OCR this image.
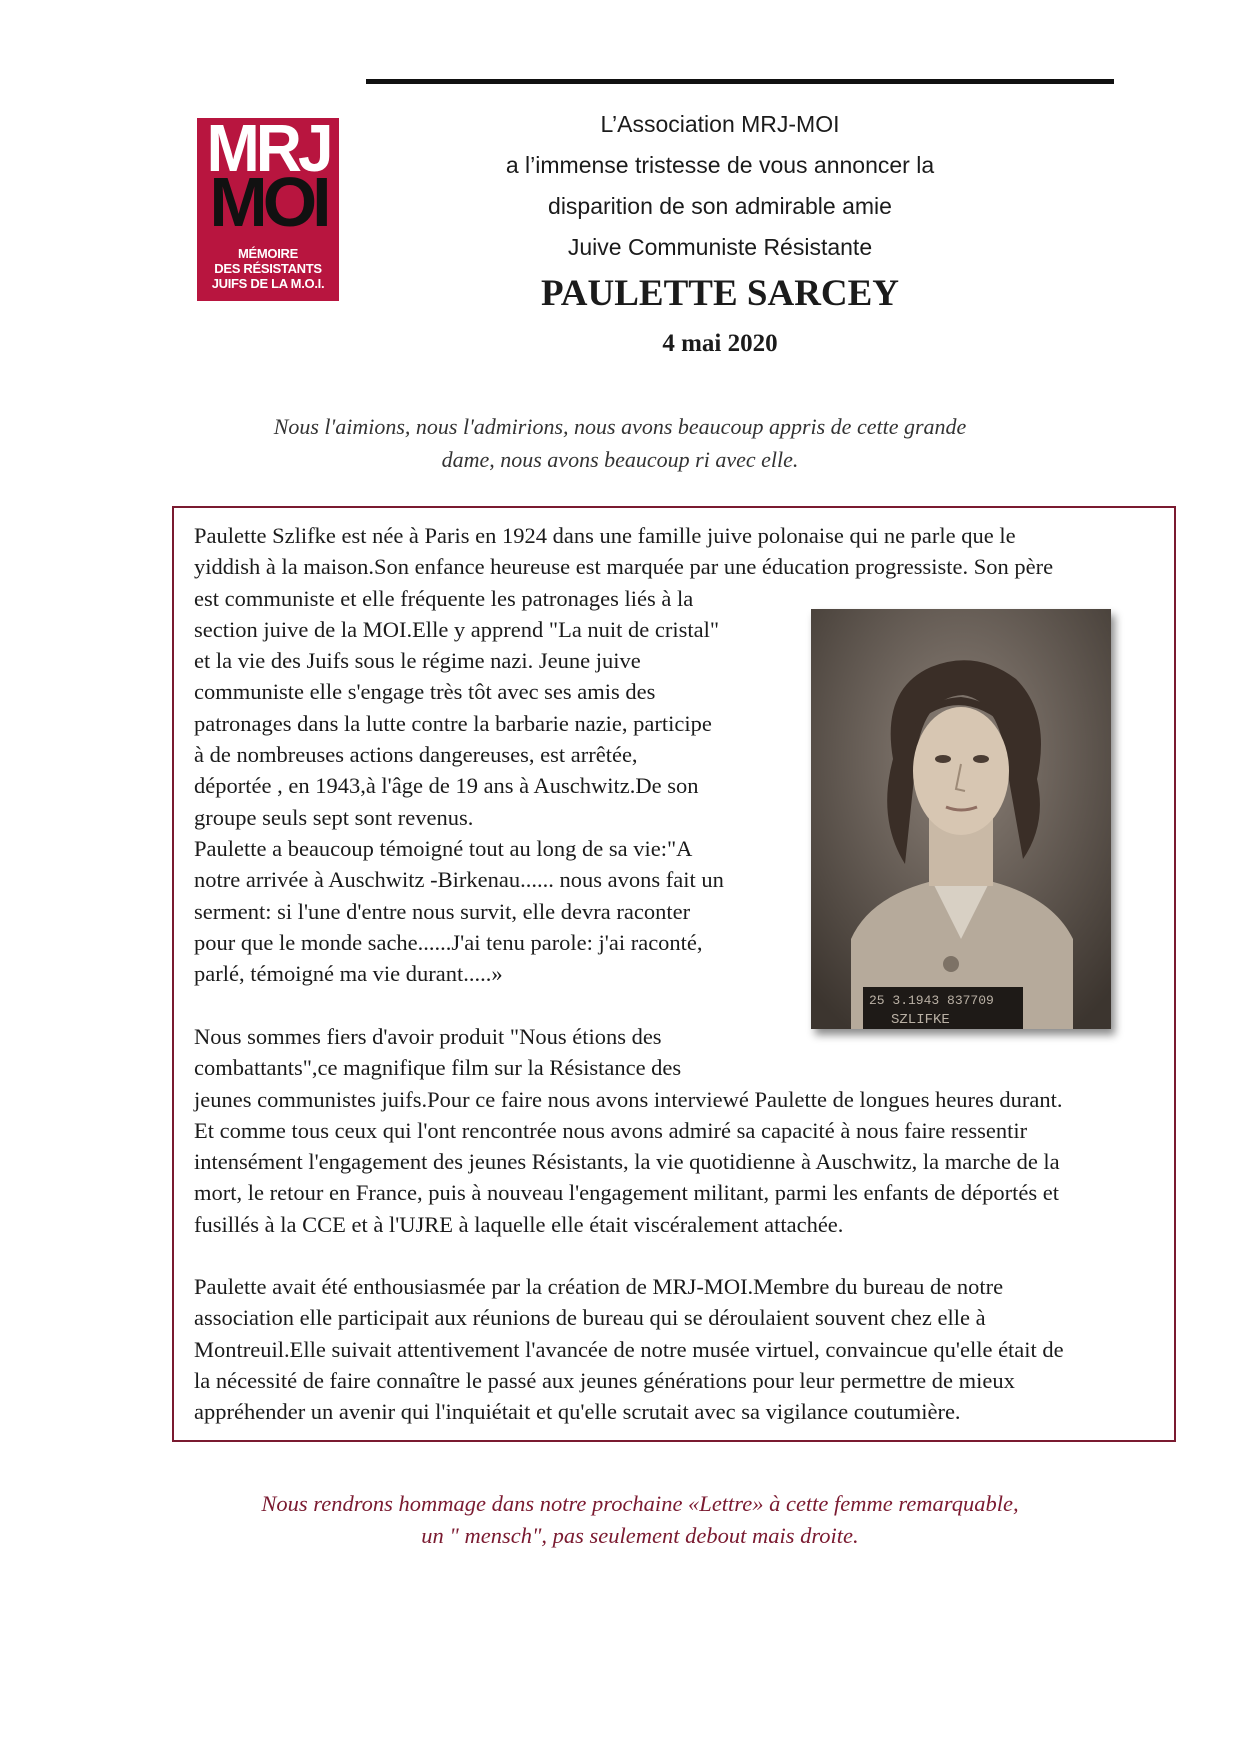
MRJ
MOI
MÉMOIRE
DES RÉSISTANTS
JUIFS DE LA M.O.I.
L’Association MRJ-MOI
a l’immense tristesse de vous annoncer la
disparition de son admirable amie
Juive Communiste Résistante
PAULETTE SARCEY
4 mai 2020
Nous l'aimions, nous l'admirions, nous avons beaucoup appris de cette grande
dame, nous avons beaucoup ri avec elle.
Paulette Szlifke est née à Paris en 1924 dans une famille juive polonaise qui ne parle que le
yiddish à la maison.Son enfance heureuse est marquée par une éducation progressiste. Son père
est communiste et elle fréquente les patronages liés à la
section juive de la MOI.Elle y apprend "La nuit de cristal"
et la vie des Juifs sous le régime nazi. Jeune juive
communiste elle s'engage très tôt avec ses amis des
patronages dans la lutte contre la barbarie nazie, participe
à de nombreuses actions dangereuses, est arrêtée,
déportée , en 1943,à l'âge de 19 ans à Auschwitz.De son
groupe seuls sept sont revenus.
Paulette a beaucoup témoigné tout au long de sa vie:"A
notre arrivée à Auschwitz -Birkenau...... nous avons fait un
serment: si l'une d'entre nous survit, elle devra raconter
pour que le monde sache......J'ai tenu parole: j'ai raconté,
parlé, témoigné ma vie durant.....»
Nous sommes fiers d'avoir produit "Nous étions des
combattants",ce magnifique film sur la Résistance des
jeunes communistes juifs.Pour ce faire nous avons interviewé Paulette de longues heures durant.
Et comme tous ceux qui l'ont rencontrée nous avons admiré sa capacité à nous faire ressentir
intensément l'engagement des jeunes Résistants, la vie quotidienne à Auschwitz, la marche de la
mort, le retour en France, puis à nouveau l'engagement militant, parmi les enfants de déportés et
fusillés à la CCE et à l'UJRE à laquelle elle était viscéralement attachée.
Paulette avait été enthousiasmée par la création de MRJ-MOI.Membre du bureau de notre
association elle participait aux réunions de bureau qui se déroulaient souvent chez elle à
Montreuil.Elle suivait attentivement l'avancée de notre musée virtuel, convaincue qu'elle était de
la nécessité de faire connaître le passé aux jeunes générations pour leur permettre de mieux
appréhender un avenir qui l'inquiétait et qu'elle scrutait avec sa vigilance coutumière.
25 3.1943 837709
SZLIFKE
Nous rendrons hommage dans notre prochaine «Lettre» à cette femme remarquable,
un " mensch", pas seulement debout mais droite.
